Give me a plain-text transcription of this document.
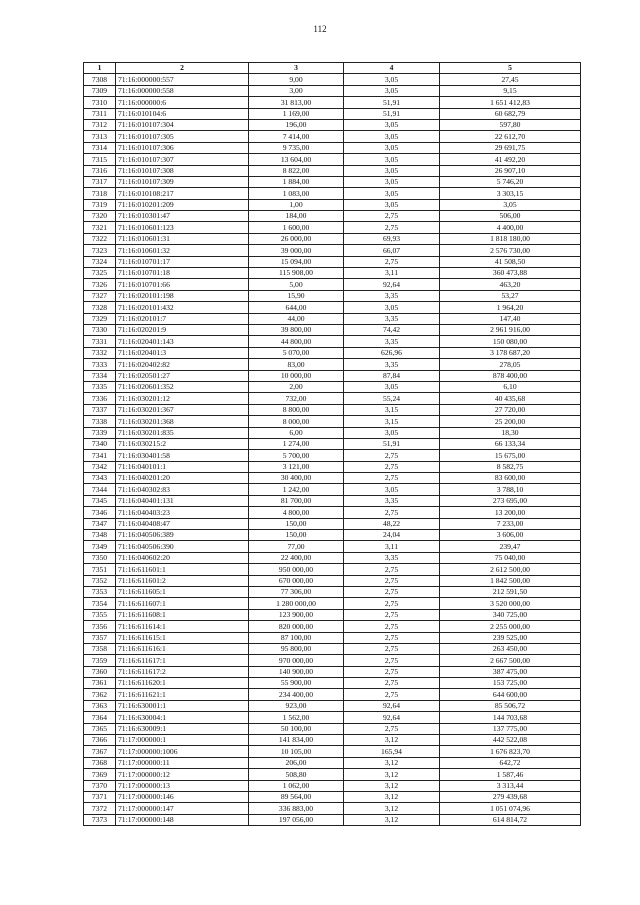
112
1	2	3	4	5
7308	71:16:000000:557	9,00	3,05	27,45
7309	71:16:000000:558	3,00	3,05	9,15
7310	71:16:000000:6	31 813,00	51,91	1 651 412,83
7311	71:16:010104:6	1 169,00	51,91	60 682,79
7312	71:16:010107:304	196,00	3,05	597,80
7313	71:16:010107:305	7 414,00	3,05	22 612,70
7314	71:16:010107:306	9 735,00	3,05	29 691,75
7315	71:16:010107:307	13 604,00	3,05	41 492,20
7316	71:16:010107:308	8 822,00	3,05	26 907,10
7317	71:16:010107:309	1 884,00	3,05	5 746,20
7318	71:16:010108:217	1 083,00	3,05	3 303,15
7319	71:16:010201:209	1,00	3,05	3,05
7320	71:16:010301:47	184,00	2,75	506,00
7321	71:16:010601:123	1 600,00	2,75	4 400,00
7322	71:16:010601:31	26 000,00	69,93	1 818 180,00
7323	71:16:010601:32	39 000,00	66,07	2 576 730,00
7324	71:16:010701:17	15 094,00	2,75	41 508,50
7325	71:16:010701:18	115 908,00	3,11	360 473,88
7326	71:16:010701:66	5,00	92,64	463,20
7327	71:16:020101:198	15,90	3,35	53,27
7328	71:16:020101:432	644,00	3,05	1 964,20
7329	71:16:020101:7	44,00	3,35	147,40
7330	71:16:020201:9	39 800,00	74,42	2 961 916,00
7331	71:16:020401:143	44 800,00	3,35	150 080,00
7332	71:16:020401:3	5 070,00	626,96	3 178 687,20
7333	71:16:020402:82	83,00	3,35	278,05
7334	71:16:020501:27	10 000,00	87,84	878 400,00
7335	71:16:020601:352	2,00	3,05	6,10
7336	71:16:030201:12	732,00	55,24	40 435,68
7337	71:16:030201:367	8 800,00	3,15	27 720,00
7338	71:16:030201:368	8 000,00	3,15	25 200,00
7339	71:16:030201:835	6,00	3,05	18,30
7340	71:16:030215:2	1 274,00	51,91	66 133,34
7341	71:16:030401:58	5 700,00	2,75	15 675,00
7342	71:16:040101:1	3 121,00	2,75	8 582,75
7343	71:16:040201:20	30 400,00	2,75	83 600,00
7344	71:16:040302:83	1 242,00	3,05	3 788,10
7345	71:16:040401:131	81 700,00	3,35	273 695,00
7346	71:16:040403:23	4 800,00	2,75	13 200,00
7347	71:16:040408:47	150,00	48,22	7 233,00
7348	71:16:040506:389	150,00	24,04	3 606,00
7349	71:16:040506:390	77,00	3,11	239,47
7350	71:16:040602:20	22 400,00	3,35	75 040,00
7351	71:16:611601:1	950 000,00	2,75	2 612 500,00
7352	71:16:611601:2	670 000,00	2,75	1 842 500,00
7353	71:16:611605:1	77 306,00	2,75	212 591,50
7354	71:16:611607:1	1 280 000,00	2,75	3 520 000,00
7355	71:16:611608:1	123 900,00	2,75	340 725,00
7356	71:16:611614:1	820 000,00	2,75	2 255 000,00
7357	71:16:611615:1	87 100,00	2,75	239 525,00
7358	71:16:611616:1	95 800,00	2,75	263 450,00
7359	71:16:611617:1	970 000,00	2,75	2 667 500,00
7360	71:16:611617:2	140 900,00	2,75	387 475,00
7361	71:16:611620:1	55 900,00	2,75	153 725,00
7362	71:16:611621:1	234 400,00	2,75	644 600,00
7363	71:16:630001:1	923,00	92,64	85 506,72
7364	71:16:630004:1	1 562,00	92,64	144 703,68
7365	71:16:630009:1	50 100,00	2,75	137 775,00
7366	71:17:000000:1	141 834,00	3,12	442 522,08
7367	71:17:000000:1006	10 105,00	165,94	1 676 823,70
7368	71:17:000000:11	206,00	3,12	642,72
7369	71:17:000000:12	508,80	3,12	1 587,46
7370	71:17:000000:13	1 062,00	3,12	3 313,44
7371	71:17:000000:146	89 564,00	3,12	279 439,68
7372	71:17:000000:147	336 883,00	3,12	1 051 074,96
7373	71:17:000000:148	197 056,00	3,12	614 814,72
